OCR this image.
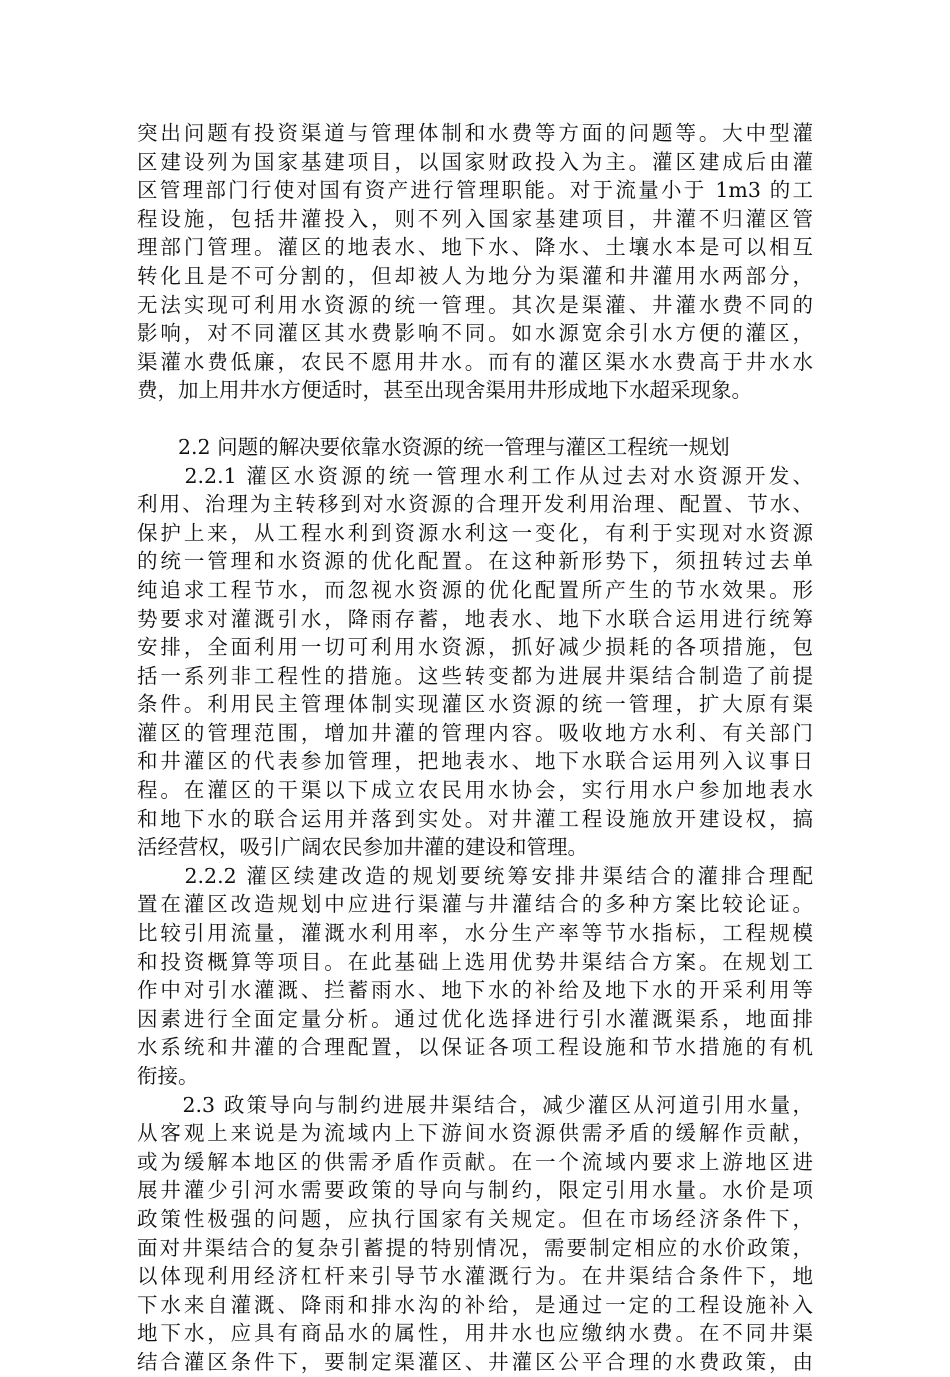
突出问题有投资渠道与管理体制和水费等方面的问题等。大中型灌
区建设列为国家基建项目，以国家财政投入为主。灌区建成后由灌
区管理部门行使对国有资产进行管理职能。对于流量小于 1m3 的工
程设施，包括井灌投入，则不列入国家基建项目，井灌不归灌区管
理部门管理。灌区的地表水、地下水、降水、土壤水本是可以相互
转化且是不可分割的，但却被人为地分为渠灌和井灌用水两部分，
无法实现可利用水资源的统一管理。其次是渠灌、井灌水费不同的
影响，对不同灌区其水费影响不同。如水源宽余引水方便的灌区，
渠灌水费低廉，农民不愿用井水。而有的灌区渠水水费高于井水水
费，加上用井水方便适时，甚至出现舍渠用井形成地下水超采现象。
　　2.2 问题的解决要依靠水资源的统一管理与灌区工程统一规划
　　2.2.1 灌区水资源的统一管理水利工作从过去对水资源开发、
利用、治理为主转移到对水资源的合理开发利用治理、配置、节水、
保护上来，从工程水利到资源水利这一变化，有利于实现对水资源
的统一管理和水资源的优化配置。在这种新形势下，须扭转过去单
纯追求工程节水，而忽视水资源的优化配置所产生的节水效果。形
势要求对灌溉引水，降雨存蓄，地表水、地下水联合运用进行统筹
安排，全面利用一切可利用水资源，抓好减少损耗的各项措施，包
括一系列非工程性的措施。这些转变都为进展井渠结合制造了前提
条件。利用民主管理体制实现灌区水资源的统一管理，扩大原有渠
灌区的管理范围，增加井灌的管理内容。吸收地方水利、有关部门
和井灌区的代表参加管理，把地表水、地下水联合运用列入议事日
程。在灌区的干渠以下成立农民用水协会，实行用水户参加地表水
和地下水的联合运用并落到实处。对井灌工程设施放开建设权，搞
活经营权，吸引广阔农民参加井灌的建设和管理。
　　2.2.2 灌区续建改造的规划要统筹安排井渠结合的灌排合理配
置在灌区改造规划中应进行渠灌与井灌结合的多种方案比较论证。
比较引用流量，灌溉水利用率，水分生产率等节水指标，工程规模
和投资概算等项目。在此基础上选用优势井渠结合方案。在规划工
作中对引水灌溉、拦蓄雨水、地下水的补给及地下水的开采利用等
因素进行全面定量分析。通过优化选择进行引水灌溉渠系，地面排
水系统和井灌的合理配置，以保证各项工程设施和节水措施的有机
衔接。
　　2.3 政策导向与制约进展井渠结合，减少灌区从河道引用水量，
从客观上来说是为流域内上下游间水资源供需矛盾的缓解作贡献，
或为缓解本地区的供需矛盾作贡献。在一个流域内要求上游地区进
展井灌少引河水需要政策的导向与制约，限定引用水量。水价是项
政策性极强的问题，应执行国家有关规定。但在市场经济条件下，
面对井渠结合的复杂引蓄提的特别情况，需要制定相应的水价政策，
以体现利用经济杠杆来引导节水灌溉行为。在井渠结合条件下，地
下水来自灌溉、降雨和排水沟的补给，是通过一定的工程设施补入
地下水，应具有商品水的属性，用井水也应缴纳水费。在不同井渠
结合灌区条件下，要制定渠灌区、井灌区公平合理的水费政策，由
